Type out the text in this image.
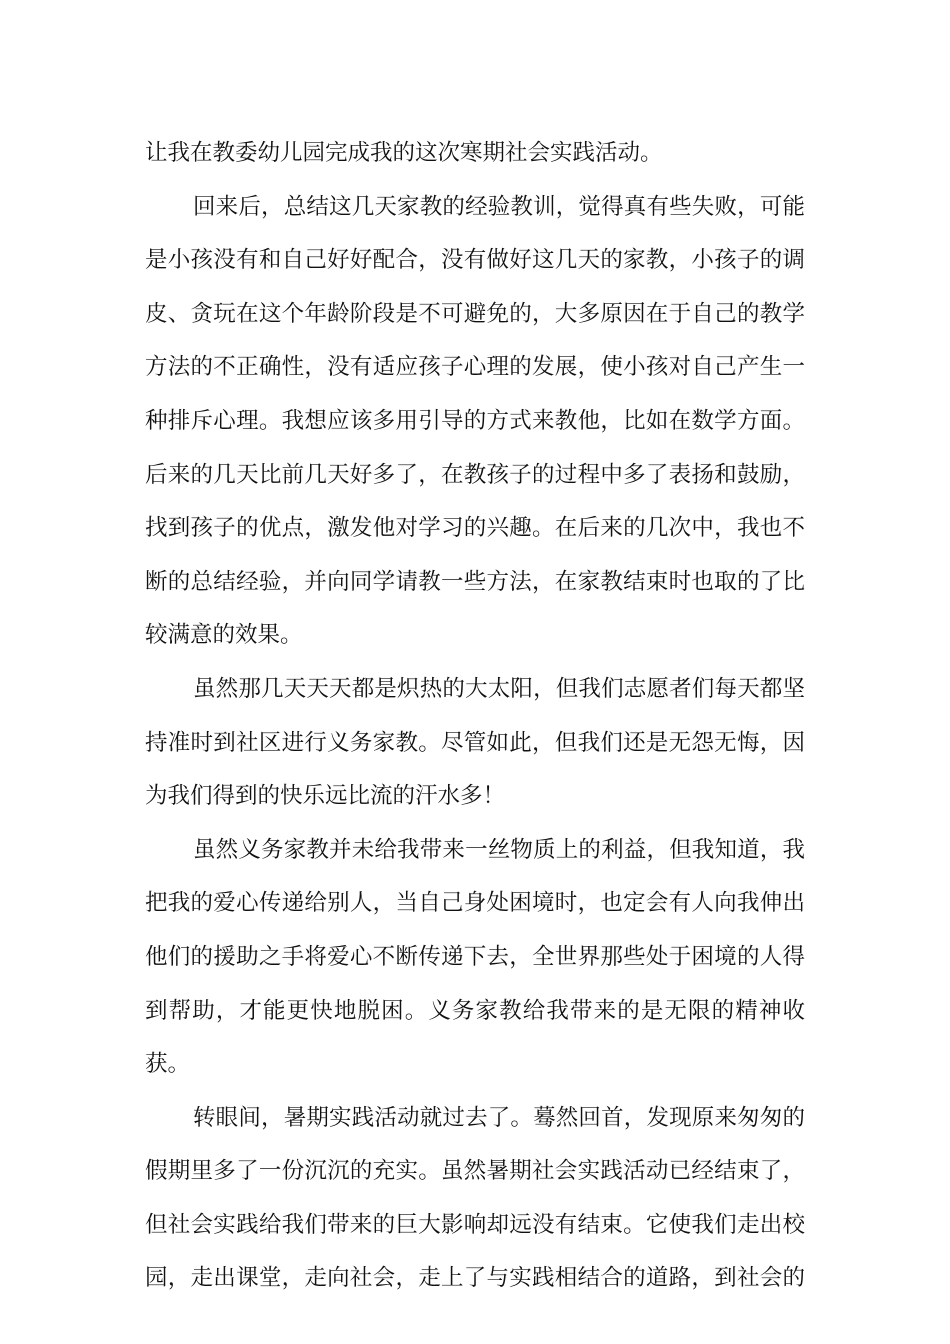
让我在教委幼儿园完成我的这次寒期社会实践活动。
回来后，总结这几天家教的经验教训，觉得真有些失败，可能
是小孩没有和自己好好配合，没有做好这几天的家教，小孩子的调
皮、贪玩在这个年龄阶段是不可避免的，大多原因在于自己的教学
方法的不正确性，没有适应孩子心理的发展，使小孩对自己产生一
种排斥心理。我想应该多用引导的方式来教他，比如在数学方面。
后来的几天比前几天好多了，在教孩子的过程中多了表扬和鼓励，
找到孩子的优点，激发他对学习的兴趣。在后来的几次中，我也不
断的总结经验，并向同学请教一些方法，在家教结束时也取的了比
较满意的效果。
虽然那几天天天都是炽热的大太阳，但我们志愿者们每天都坚
持准时到社区进行义务家教。尽管如此，但我们还是无怨无悔，因
为我们得到的快乐远比流的汗水多！
虽然义务家教并未给我带来一丝物质上的利益，但我知道，我
把我的爱心传递给别人，当自己身处困境时，也定会有人向我伸出
他们的援助之手将爱心不断传递下去，全世界那些处于困境的人得
到帮助，才能更快地脱困。义务家教给我带来的是无限的精神收
获。
转眼间，暑期实践活动就过去了。蓦然回首，发现原来匆匆的
假期里多了一份沉沉的充实。虽然暑期社会实践活动已经结束了，
但社会实践给我们带来的巨大影响却远没有结束。它使我们走出校
园，走出课堂，走向社会，走上了与实践相结合的道路，到社会的
